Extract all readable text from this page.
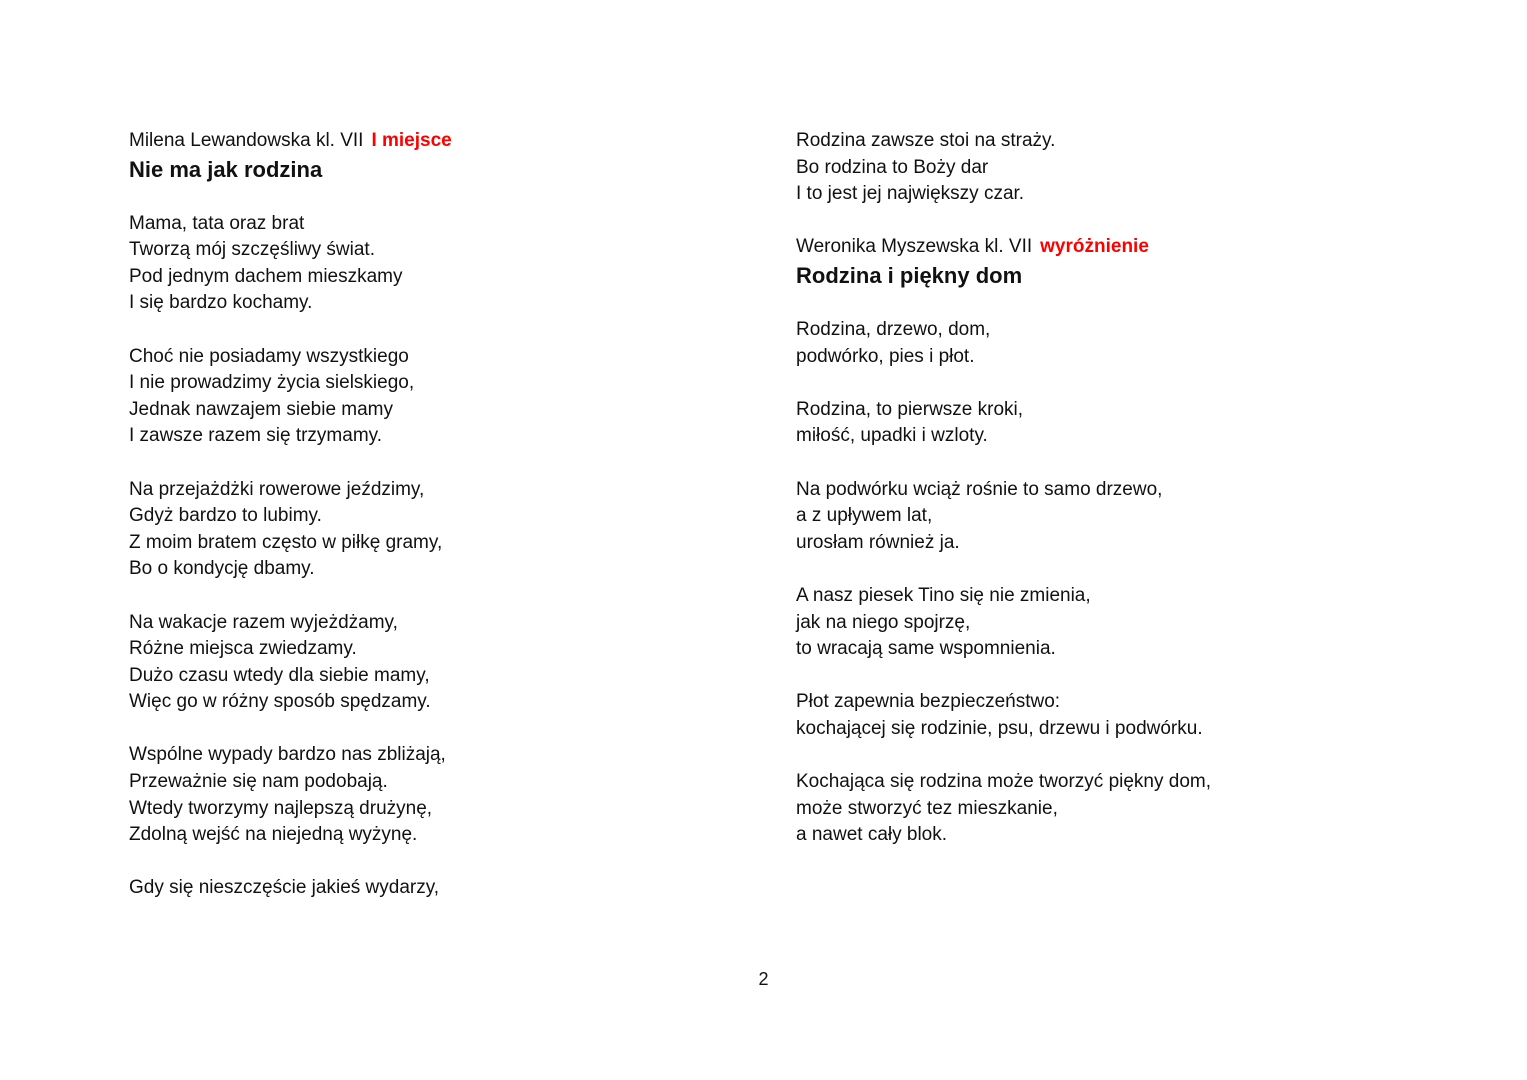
Milena Lewandowska kl. VII I miejsce
Nie ma jak rodzina
Mama, tata oraz brat
Tworzą mój szczęśliwy świat.
Pod jednym dachem mieszkamy
I się bardzo kochamy.
Choć nie posiadamy wszystkiego
I nie prowadzimy życia sielskiego,
Jednak nawzajem siebie mamy
I zawsze razem się trzymamy.
Na przejażdżki rowerowe jeździmy,
Gdyż bardzo to lubimy.
Z moim bratem często w piłkę gramy,
Bo o kondycję dbamy.
Na wakacje razem wyjeżdżamy,
Różne miejsca zwiedzamy.
Dużo czasu wtedy dla siebie mamy,
Więc go w różny sposób spędzamy.
Wspólne wypady bardzo nas zbliżają,
Przeważnie się nam podobają.
Wtedy tworzymy najlepszą drużynę,
Zdolną wejść na niejedną wyżynę.
Gdy się nieszczęście jakieś wydarzy,
Rodzina zawsze stoi na straży.
Bo rodzina to Boży dar
I to jest jej największy czar.
Weronika Myszewska kl. VII wyróżnienie
Rodzina i piękny dom
Rodzina, drzewo, dom,
podwórko, pies i płot.
Rodzina, to pierwsze kroki,
miłość, upadki i wzloty.
Na podwórku wciąż rośnie to samo drzewo,
a z upływem lat,
urosłam również ja.
A nasz piesek Tino się nie zmienia,
jak na niego spojrzę,
to wracają same wspomnienia.
Płot zapewnia bezpieczeństwo:
kochającej się rodzinie, psu, drzewu i podwórku.
Kochająca się rodzina może tworzyć piękny dom,
może stworzyć tez mieszkanie,
a nawet cały blok.
2
